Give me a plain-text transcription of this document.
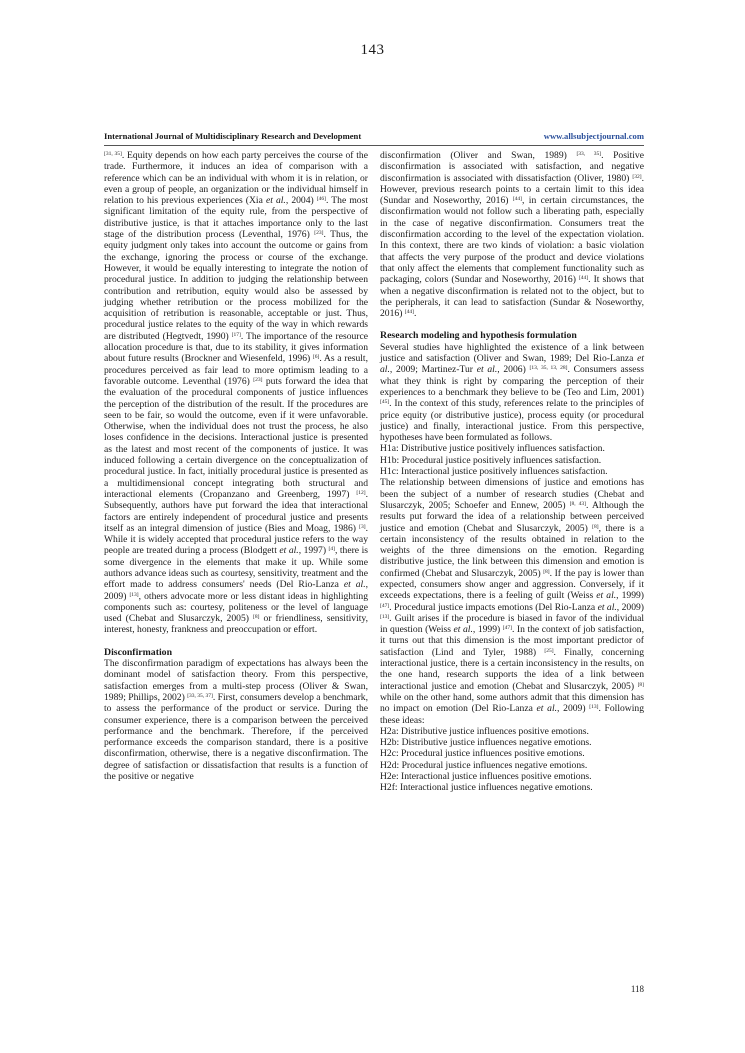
143
International Journal of Multidisciplinary Research and Development	www.allsubjectjournal.com

[31, 35]. Equity depends on how each party perceives the course of the trade. Furthermore, it induces an idea of comparison with a reference which can be an individual with whom it is in relation, or even a group of people, an organization or the individual himself in relation to his previous experiences (Xia et al., 2004) [46]. The most significant limitation of the equity rule, from the perspective of distributive justice, is that it attaches importance only to the last stage of the distribution process (Leventhal, 1976) [23]. Thus, the equity judgment only takes into account the outcome or gains from the exchange, ignoring the process or course of the exchange. However, it would be equally interesting to integrate the notion of procedural justice. In addition to judging the relationship between contribution and retribution, equity would also be assessed by judging whether retribution or the process mobilized for the acquisition of retribution is reasonable, acceptable or just. Thus, procedural justice relates to the equity of the way in which rewards are distributed (Hegtvedt, 1990) [17]. The importance of the resource allocation procedure is that, due to its stability, it gives information about future results (Brockner and Wiesenfeld, 1996) [6]. As a result, procedures perceived as fair lead to more optimism leading to a favorable outcome. Leventhal (1976) [23] puts forward the idea that the evaluation of the procedural components of justice influences the perception of the distribution of the result. If the procedures are seen to be fair, so would the outcome, even if it were unfavorable. Otherwise, when the individual does not trust the process, he also loses confidence in the decisions. Interactional justice is presented as the latest and most recent of the components of justice. It was induced following a certain divergence on the conceptualization of procedural justice. In fact, initially procedural justice is presented as a multidimensional concept integrating both structural and interactional elements (Cropanzano and Greenberg, 1997) [12]. Subsequently, authors have put forward the idea that interactional factors are entirely independent of procedural justice and presents itself as an integral dimension of justice (Bies and Moag, 1986) [3]. While it is widely accepted that procedural justice refers to the way people are treated during a process (Blodgett et al., 1997) [4], there is some divergence in the elements that make it up. While some authors advance ideas such as courtesy, sensitivity, treatment and the effort made to address consumers' needs (Del Rio-Lanza et al., 2009) [13], others advocate more or less distant ideas in highlighting components such as: courtesy, politeness or the level of language used (Chebat and Slusarczyk, 2005) [8] or friendliness, sensitivity, interest, honesty, frankness and preoccupation or effort.

Disconfirmation

The disconfirmation paradigm of expectations has always been the dominant model of satisfaction theory. From this perspective, satisfaction emerges from a multi-step process (Oliver & Swan, 1989; Phillips, 2002) [33, 35, 37]. First, consumers develop a benchmark, to assess the performance of the product or service. During the consumer experience, there is a comparison between the perceived performance and the benchmark. Therefore, if the perceived performance exceeds the comparison standard, there is a positive disconfirmation, otherwise, there is a negative disconfirmation. The degree of satisfaction or dissatisfaction that results is a function of the positive or negative

disconfirmation (Oliver and Swan, 1989) [33, 35]. Positive disconfirmation is associated with satisfaction, and negative disconfirmation is associated with dissatisfaction (Oliver, 1980) [32]. However, previous research points to a certain limit to this idea (Sundar and Noseworthy, 2016) [44], in certain circumstances, the disconfirmation would not follow such a liberating path, especially in the case of negative disconfirmation. Consumers treat the disconfirmation according to the level of the expectation violation. In this context, there are two kinds of violation: a basic violation that affects the very purpose of the product and device violations that only affect the elements that complement functionality such as packaging, colors (Sundar and Noseworthy, 2016) [44]. It shows that when a negative disconfirmation is related not to the object, but to the peripherals, it can lead to satisfaction (Sundar & Noseworthy, 2016) [44].

Research modeling and hypothesis formulation

Several studies have highlighted the existence of a link between justice and satisfaction (Oliver and Swan, 1989; Del Rio-Lanza et al., 2009; Martinez-Tur et al., 2006) [13, 35, 13, 28]. Consumers assess what they think is right by comparing the perception of their experiences to a benchmark they believe to be (Teo and Lim, 2001) [45]. In the context of this study, references relate to the principles of price equity (or distributive justice), process equity (or procedural justice) and finally, interactional justice. From this perspective, hypotheses have been formulated as follows.

H1a: Distributive justice positively influences satisfaction.

H1b: Procedural justice positively influences satisfaction.

H1c: Interactional justice positively influences satisfaction.

The relationship between dimensions of justice and emotions has been the subject of a number of research studies (Chebat and Slusarczyk, 2005; Schoefer and Ennew, 2005) [8, 43]. Although the results put forward the idea of a relationship between perceived justice and emotion (Chebat and Slusarczyk, 2005) [8], there is a certain inconsistency of the results obtained in relation to the weights of the three dimensions on the emotion. Regarding distributive justice, the link between this dimension and emotion is confirmed (Chebat and Slusarczyk, 2005) [8]. If the pay is lower than expected, consumers show anger and aggression. Conversely, if it exceeds expectations, there is a feeling of guilt (Weiss et al., 1999) [47]. Procedural justice impacts emotions (Del Rio-Lanza et al., 2009) [13]. Guilt arises if the procedure is biased in favor of the individual in question (Weiss et al., 1999) [47]. In the context of job satisfaction, it turns out that this dimension is the most important predictor of satisfaction (Lind and Tyler, 1988) [25]. Finally, concerning interactional justice, there is a certain inconsistency in the results, on the one hand, research supports the idea of a link between interactional justice and emotion (Chebat and Slusarczyk, 2005) [8] while on the other hand, some authors admit that this dimension has no impact on emotion (Del Rio-Lanza et al., 2009) [13]. Following these ideas:

H2a: Distributive justice influences positive emotions.

H2b: Distributive justice influences negative emotions.

H2c: Procedural justice influences positive emotions.

H2d: Procedural justice influences negative emotions.

H2e: Interactional justice influences positive emotions.

H2f: Interactional justice influences negative emotions.

118
